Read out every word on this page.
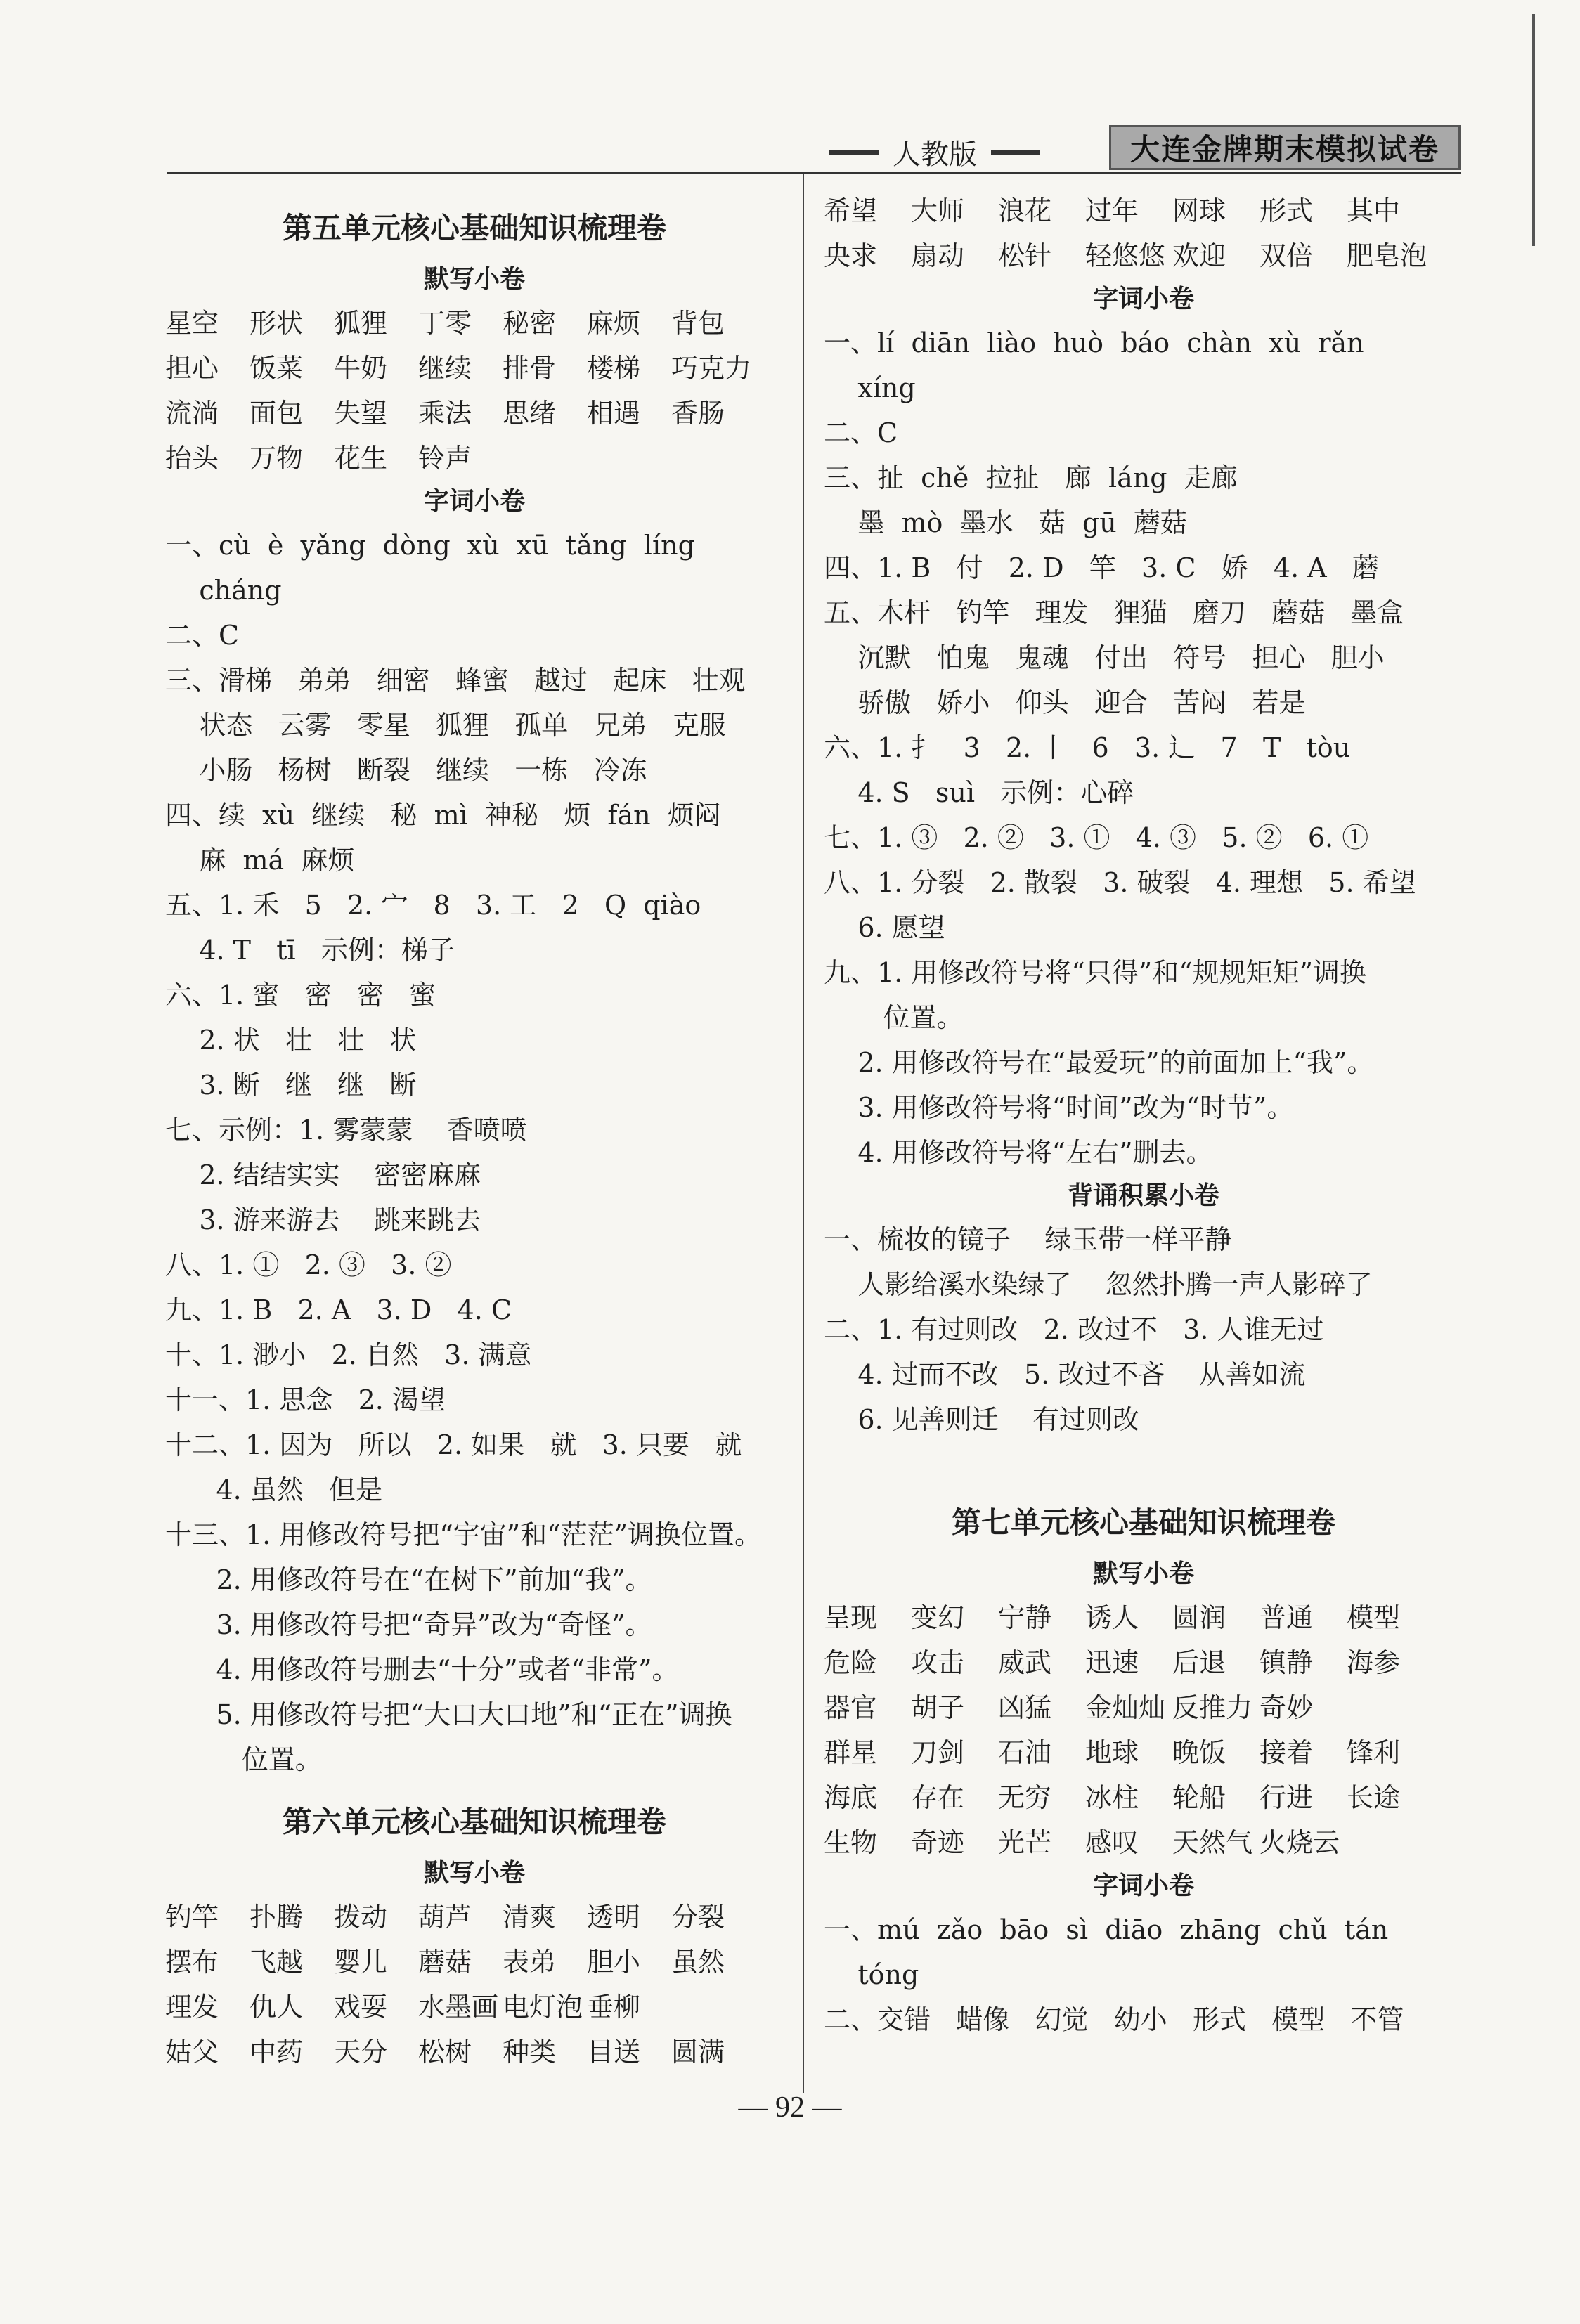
人教版	大连金牌期末模拟试卷
第五单元核心基础知识梳理卷
默写小卷
星空	形状	狐狸	丁零	秘密	麻烦	背包
担心	饭菜	牛奶	继续	排骨	楼梯	巧克力
流淌	面包	失望	乘法	思绪	相遇	香肠
抬头	万物	花生	铃声
字词小卷
一、cù  è  yǎng  dòng  xù  xū  tǎng  líng
cháng
二、C
三、滑梯   弟弟   细密   蜂蜜   越过   起床   壮观
状态   云雾   零星   狐狸   孤单   兄弟   克服
小肠   杨树   断裂   继续   一栋   冷冻
四、续  xù  继续   秘  mì  神秘   烦  fán  烦闷
麻  má  麻烦
五、1. 禾   5   2. 宀   8   3. 工   2   Q  qiào
4. T   tī   示例：梯子
六、1. 蜜   密   密   蜜
2. 状   壮   壮   状
3. 断   继   继   断
七、示例：1. 雾蒙蒙    香喷喷
2. 结结实实    密密麻麻
3. 游来游去    跳来跳去
八、1. ①   2. ③   3. ②
九、1. B   2. A   3. D   4. C
十、1. 渺小   2. 自然   3. 满意
十一、1. 思念   2. 渴望
十二、1. 因为   所以   2. 如果   就   3. 只要   就
4. 虽然   但是
十三、1. 用修改符号把“宇宙”和“茫茫”调换位置。
2. 用修改符号在“在树下”前加“我”。
3. 用修改符号把“奇异”改为“奇怪”。
4. 用修改符号删去“十分”或者“非常”。
5. 用修改符号把“大口大口地”和“正在”调换
位置。
第六单元核心基础知识梳理卷
默写小卷
钓竿	扑腾	拨动	葫芦	清爽	透明	分裂
摆布	飞越	婴儿	蘑菇	表弟	胆小	虽然
理发	仇人	戏耍	水墨画 电灯泡 垂柳
姑父	中药	天分	松树	种类	目送	圆满
希望	大师	浪花	过年	网球	形式	其中
央求	扇动	松针	轻悠悠 欢迎	双倍	肥皂泡
字词小卷
一、lí  diān  liào  huò  báo  chàn  xù  rǎn
xíng
二、C
三、扯  chě  拉扯   廊  láng  走廊
墨  mò  墨水   菇  gū  蘑菇
四、1. B   付   2. D   竿   3. C   娇   4. A   蘑
五、木杆   钓竿   理发   狸猫   磨刀   蘑菇   墨盒
沉默   怕鬼   鬼魂   付出   符号   担心   胆小
骄傲   娇小   仰头   迎合   苦闷   若是
六、1. 扌   3   2. 丨   6   3. 辶   7   T   tòu
4. S   suì   示例：心碎
七、1. ③   2. ②   3. ①   4. ③   5. ②   6. ①
八、1. 分裂   2. 散裂   3. 破裂   4. 理想   5. 希望
6. 愿望
九、1. 用修改符号将“只得”和“规规矩矩”调换
位置。
2. 用修改符号在“最爱玩”的前面加上“我”。
3. 用修改符号将“时间”改为“时节”。
4. 用修改符号将“左右”删去。
背诵积累小卷
一、梳妆的镜子    绿玉带一样平静
人影给溪水染绿了    忽然扑腾一声人影碎了
二、1. 有过则改   2. 改过不   3. 人谁无过
4. 过而不改   5. 改过不吝    从善如流
6. 见善则迁    有过则改
第七单元核心基础知识梳理卷
默写小卷
呈现	变幻	宁静	诱人	圆润	普通	模型
危险	攻击	威武	迅速	后退	镇静	海参
器官	胡子	凶猛	金灿灿 反推力 奇妙
群星	刀剑	石油	地球	晚饭	接着	锋利
海底	存在	无穷	冰柱	轮船	行进	长途
生物	奇迹	光芒	感叹	天然气 火烧云
字词小卷
一、mú  zǎo  bāo  sì  diāo  zhāng  chǔ  tán
tóng
二、交错   蜡像   幻觉   幼小   形式   模型   不管
— 92 —
